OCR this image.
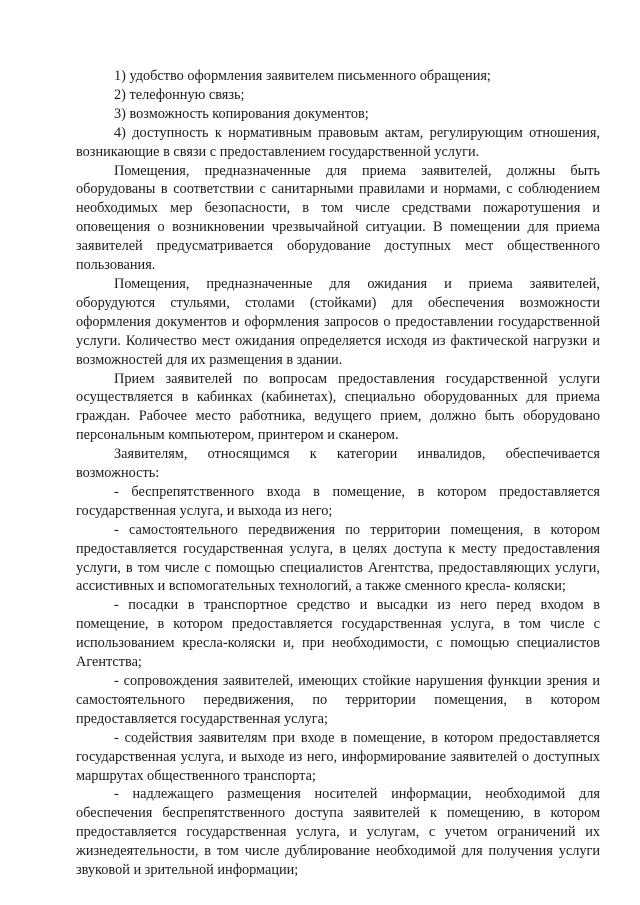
1) удобство оформления заявителем письменного обращения;

2) телефонную связь;

3) возможность копирования документов;

4) доступность к нормативным правовым актам, регулирующим отношения, возникающие в связи с предоставлением государственной услуги.

Помещения, предназначенные для приема заявителей, должны быть оборудованы в соответствии с санитарными правилами и нормами, с соблюдением необходимых мер безопасности, в том числе средствами пожаротушения и оповещения о возникновении чрезвычайной ситуации. В помещении для приема заявителей предусматривается оборудование доступных мест общественного пользования.

Помещения, предназначенные для ожидания и приема заявителей, оборудуются стульями, столами (стойками) для обеспечения возможности оформления документов и оформления запросов о предоставлении государственной услуги. Количество мест ожидания определяется исходя из фактической нагрузки и возможностей для их размещения в здании.

Прием заявителей по вопросам предоставления государственной услуги осуществляется в кабинках (кабинетах), специально оборудованных для приема граждан. Рабочее место работника, ведущего прием, должно быть оборудовано персональным компьютером, принтером и сканером.

Заявителям, относящимся к категории инвалидов, обеспечивается возможность:

- беспрепятственного входа в помещение, в котором предоставляется государственная услуга, и выхода из него;

- самостоятельного передвижения по территории помещения, в котором предоставляется государственная услуга, в целях доступа к месту предоставления услуги, в том числе с помощью специалистов Агентства, предоставляющих услуги, ассистивных и вспомогательных технологий, а также сменного кресла- коляски;

- посадки в транспортное средство и высадки из него перед входом в помещение, в котором предоставляется государственная услуга, в том числе с использованием кресла-коляски и, при необходимости, с помощью специалистов Агентства;

- сопровождения заявителей, имеющих стойкие нарушения функции зрения и самостоятельного передвижения, по территории помещения, в котором предоставляется государственная услуга;

- содействия заявителям при входе в помещение, в котором предоставляется государственная услуга, и выходе из него, информирование заявителей о доступных маршрутах общественного транспорта;

- надлежащего размещения носителей информации, необходимой для обеспечения беспрепятственного доступа заявителей к помещению, в котором предоставляется государственная услуга, и услугам, с учетом ограничений их жизнедеятельности, в том числе дублирование необходимой для получения услуги звуковой и зрительной информации;
